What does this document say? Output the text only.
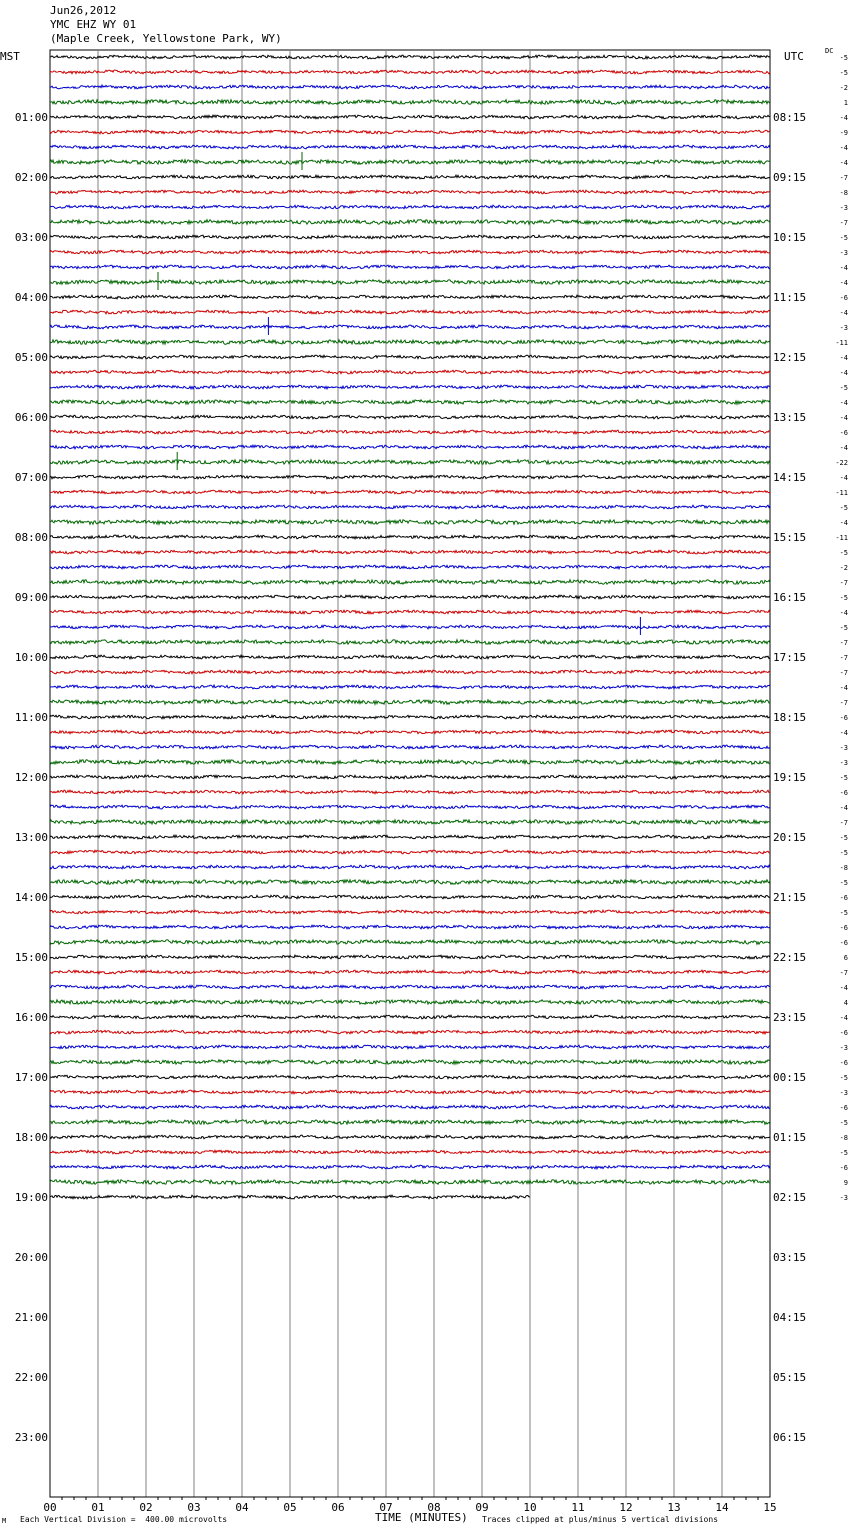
Jun26,2012
YMC EHZ WY 01
(Maple Creek, Yellowstone Park, WY)
MST	UTC	DC
-5
-5
-2
1
-4
-9
-4
-4
-7
-8
-3
-7
-5
-3
-4
-4
-6
-4
-3
-11
-4
-4
-5
-4
-4
-6
-4
-22
-4
-11
-5
-4
-11
-5
-2
-7
-5
-4
-5
-7
-7
-7
-4
-7
-6
-4
-3
-3
-5
-6
-4
-7
-5
-5
-8
-5
-6
-5
-6
-6
6
-7
-4
4
-4
-6
-3
-6
-5
-3
-6
-5
-8
-5
-6
9
-3
01:00
02:00
03:00
04:00
05:00
06:00
07:00
08:00
09:00
10:00
11:00
12:00
13:00
14:00
15:00
16:00
17:00
18:00
19:00
20:00
21:00
22:00
23:00
08:15
09:15
10:15
11:15
12:15
13:15
14:15
15:15
16:15
17:15
18:15
19:15
20:15
21:15
22:15
23:15
00:15
01:15
02:15
03:15
04:15
05:15
06:15
00	01	02	03	04	05	06	07	08	09	10	11	12	13	14	15
TIME (MINUTES)
M Each Vertical Division =  400.00 microvolts	Traces clipped at plus/minus 5 vertical divisions
